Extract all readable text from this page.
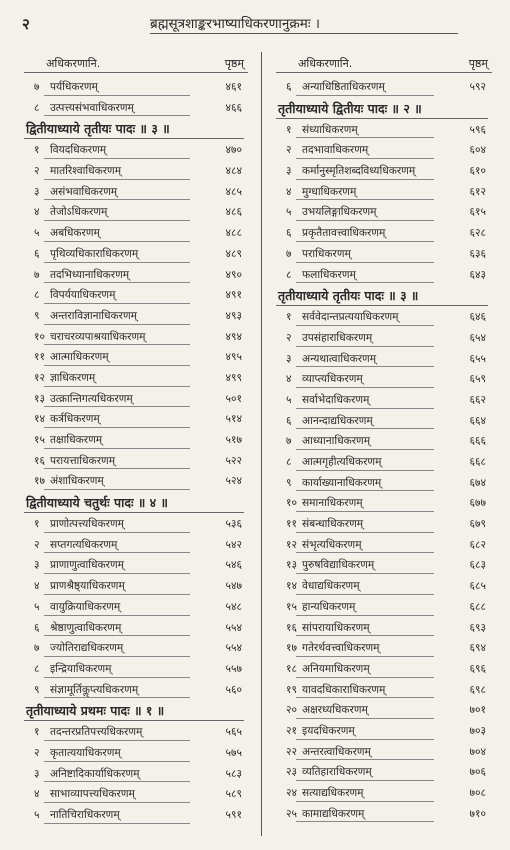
२	ब्रह्मसूत्रशाङ्करभाष्याधिकरणानुक्रमः ।
अधिकरणानि.	पृष्ठम्
७ पर्यधिकरणम्	४६१
८ उत्पत्त्यसंभवाधिकरणम्	४६६
द्वितीयाध्याये तृतीयः पादः ॥ ३ ॥
१ वियदधिकरणम्	४७०
२ मातरिश्वाधिकरणम्	४८४
३ असंभवाधिकरणम्	४८५
४ तेजोऽधिकरणम्	४८६
५ अबधिकरणम्	४८८
६ पृथिव्यधिकाराधिकरणम्	४८९
७ तदभिध्यानाधिकरणम्	४९०
८ विपर्ययाधिकरणम्	४९१
९ अन्तराविज्ञानाधिकरणम्	४९३
१० चराचरव्यपाश्रयाधिकरणम्	४९४
११ आत्माधिकरणम्	४९५
१२ ज्ञाधिकरणम्	४९९
१३ उत्क्रान्तिगत्यधिकरणम्	५०१
१४ कर्त्रधिकरणम्	५१४
१५ तक्षाधिकरणम्	५१७
१६ परायत्ताधिकरणम्	५२२
१७ अंशाधिकरणम्	५२४
द्वितीयाध्याये चतुर्थः पादः ॥ ४ ॥
१ प्राणोत्पत्त्यधिकरणम्	५३६
२ सप्तगत्यधिकरणम्	५४२
३ प्राणाणुत्वाधिकरणम्	५४६
४ प्राणश्रैष्ठ्याधिकरणम्	५४७
५ वायुक्रियाधिकरणम्	५४८
६ श्रेष्ठाणुत्वाधिकरणम्	५५४
७ ज्योतिराद्यधिकरणम्	५५४
८ इन्द्रियाधिकरणम्	५५७
९ संज्ञामूर्तिकॢप्त्यधिकरणम्	५६०
तृतीयाध्याये प्रथमः पादः ॥ १ ॥
१ तदन्तरप्रतिपत्त्यधिकरणम्	५६५
२ कृतात्ययाधिकरणम्	५७५
३ अनिष्टादिकार्याधिकरणम्	५८३
४ साभाव्यापत्त्यधिकरणम्	५८९
५ नातिचिराधिकरणम्	५९१
अधिकरणानि.	पृष्ठम्
६ अन्याधिष्ठिताधिकरणम्	५९२
तृतीयाध्याये द्वितीयः पादः ॥ २ ॥
१ संध्याधिकरणम्	५९६
२ तदभावाधिकरणम्	६०४
३ कर्मानुस्मृतिशब्दविध्यधिकरणम्	६१०
४ मुग्धाधिकरणम्	६१२
५ उभयलिङ्गाधिकरणम्	६१५
६ प्रकृतैतावत्त्वाधिकरणम्	६२८
७ पराधिकरणम्	६३६
८ फलाधिकरणम्	६४३
तृतीयाध्याये तृतीयः पादः ॥ ३ ॥
१ सर्ववेदान्तप्रत्ययाधिकरणम्	६४६
२ उपसंहाराधिकरणम्	६५४
३ अन्यथात्वाधिकरणम्	६५५
४ व्याप्त्यधिकरणम्	६५९
५ सर्वाभेदाधिकरणम्	६६२
६ आनन्दाद्यधिकरणम्	६६४
७ आध्यानाधिकरणम्	६६६
८ आत्मगृहीत्यधिकरणम्	६६८
९ कार्याख्यानाधिकरणम्	६७४
१० समानाधिकरणम्	६७७
११ संबन्धाधिकरणम्	६७९
१२ संभृत्यधिकरणम्	६८२
१३ पुरुषविद्याधिकरणम्	६८३
१४ वेधाद्यधिकरणम्	६८५
१५ हान्यधिकरणम्	६८८
१६ सांपरायाधिकरणम्	६९३
१७ गतेरर्थवत्त्वाधिकरणम्	६९४
१८ अनियमाधिकरणम्	६९६
१९ यावदधिकाराधिकरणम्	६९८
२० अक्षरध्यधिकरणम्	७०१
२१ इयदधिकरणम्	७०३
२२ अन्तरत्वाधिकरणम्	७०४
२३ व्यतिहाराधिकरणम्	७०६
२४ सत्याद्यधिकरणम्	७०८
२५ कामाद्यधिकरणम्	७१०
